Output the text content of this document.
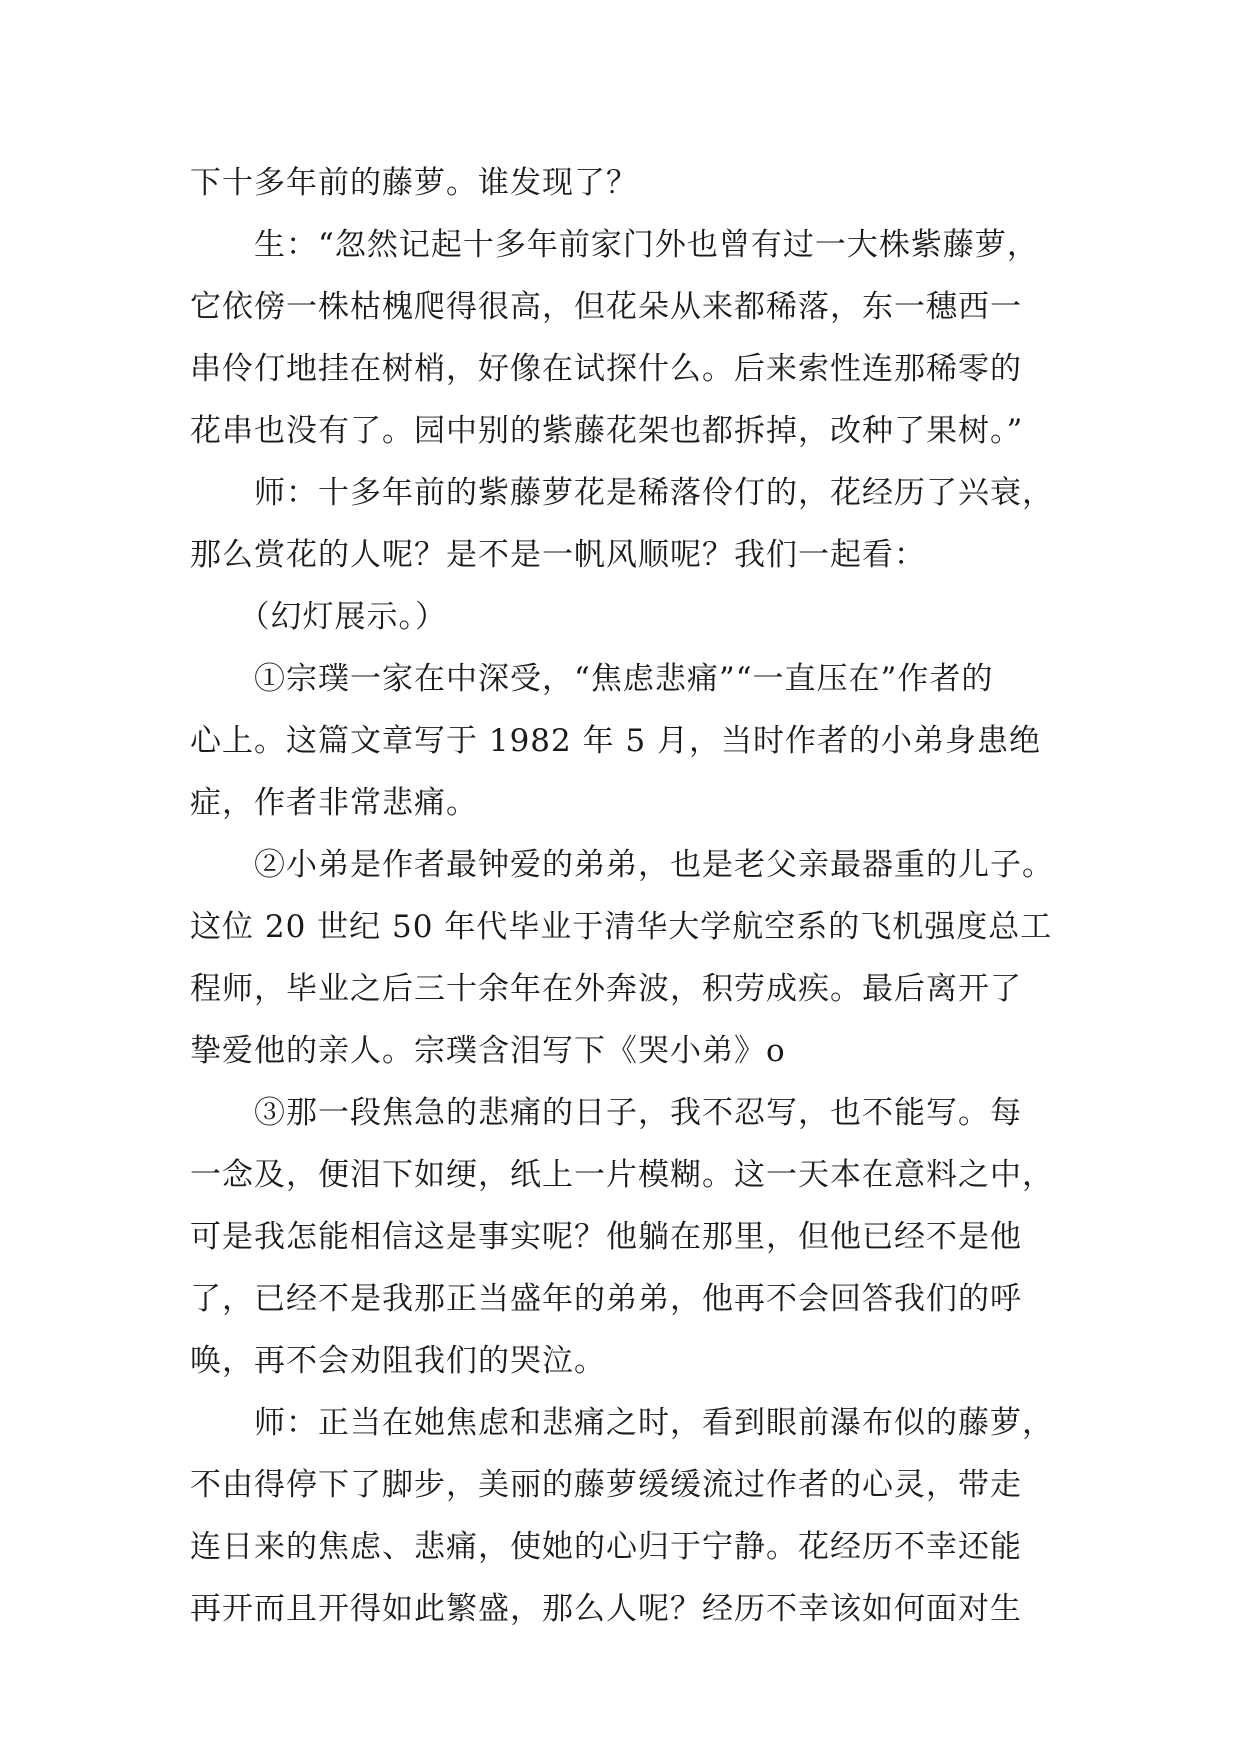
下十多年前的藤萝。谁发现了？
　　生：“忽然记起十多年前家门外也曾有过一大株紫藤萝，
它依傍一株枯槐爬得很高，但花朵从来都稀落，东一穗西一
串伶仃地挂在树梢，好像在试探什么。后来索性连那稀零的
花串也没有了。园中别的紫藤花架也都拆掉，改种了果树。”
　　师：十多年前的紫藤萝花是稀落伶仃的，花经历了兴衰，
那么赏花的人呢？是不是一帆风顺呢？我们一起看：
　　（幻灯展示。）
　　①宗璞一家在中深受，“焦虑悲痛”“一直压在”作者的
心上。这篇文章写于 1982 年 5 月，当时作者的小弟身患绝
症，作者非常悲痛。
　　②小弟是作者最钟爱的弟弟，也是老父亲最器重的儿子。
这位 20 世纪 50 年代毕业于清华大学航空系的飞机强度总工
程师，毕业之后三十余年在外奔波，积劳成疾。最后离开了
挚爱他的亲人。宗璞含泪写下《哭小弟》o
　　③那一段焦急的悲痛的日子，我不忍写，也不能写。每
一念及，便泪下如绠，纸上一片模糊。这一天本在意料之中，
可是我怎能相信这是事实呢？他躺在那里，但他已经不是他
了，已经不是我那正当盛年的弟弟，他再不会回答我们的呼
唤，再不会劝阻我们的哭泣。
　　师：正当在她焦虑和悲痛之时，看到眼前瀑布似的藤萝，
不由得停下了脚步，美丽的藤萝缓缓流过作者的心灵，带走
连日来的焦虑、悲痛，使她的心归于宁静。花经历不幸还能
再开而且开得如此繁盛，那么人呢？经历不幸该如何面对生
